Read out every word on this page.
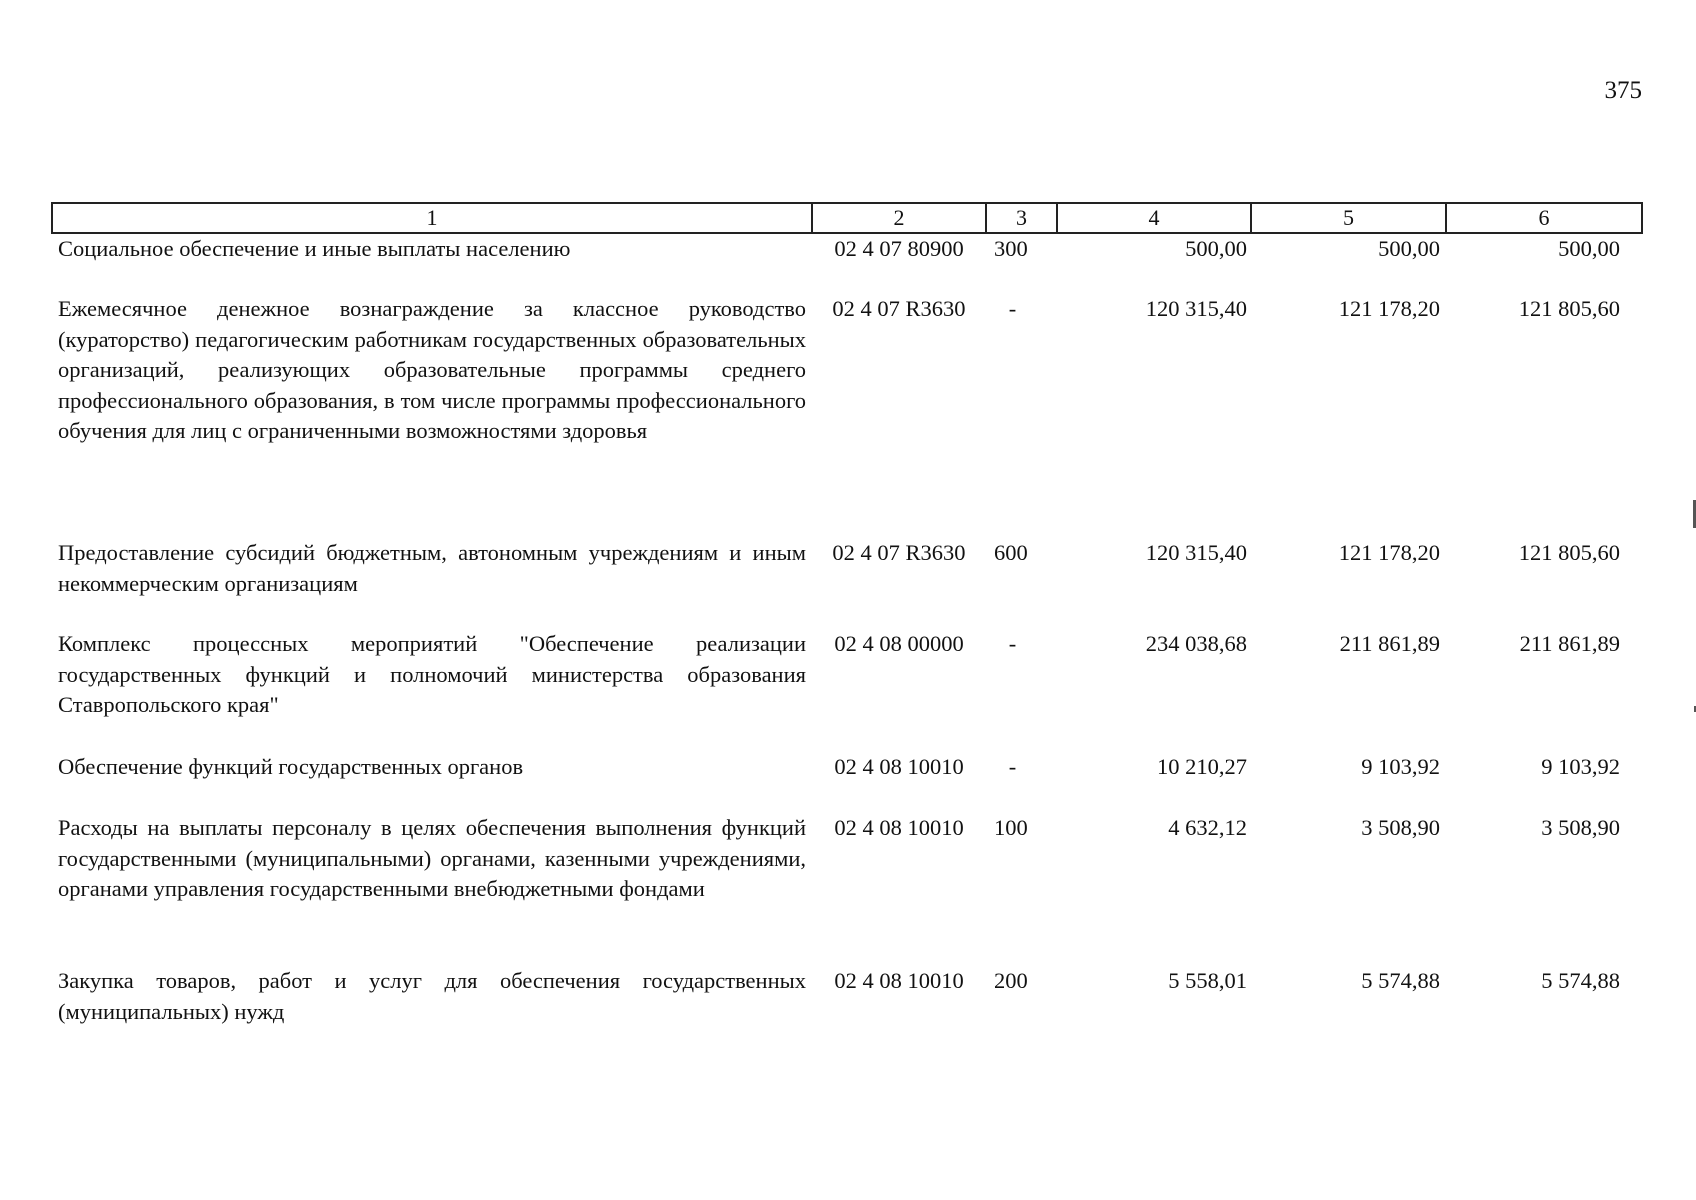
375
1	2	3	4	5	6
Социальное обеспечение и иные выплаты населению	02 4 07 80900	300	500,00	500,00	500,00
Ежемесячное денежное вознаграждение за классное руководство (кураторство) педагогическим работникам государственных образовательных организаций, реализующих образовательные программы среднего профессионального образования, в том числе программы профессионального обучения для лиц с ограниченными возможностями здоровья	02 4 07 R3630	-	120 315,40	121 178,20	121 805,60
Предоставление субсидий бюджетным, автономным учреждениям и иным некоммерческим организациям	02 4 07 R3630	600	120 315,40	121 178,20	121 805,60
Комплекс процессных мероприятий "Обеспечение реализации государственных функций и полномочий министерства образования Ставропольского края"	02 4 08 00000	-	234 038,68	211 861,89	211 861,89
Обеспечение функций государственных органов	02 4 08 10010	-	10 210,27	9 103,92	9 103,92
Расходы на выплаты персоналу в целях обеспечения выполнения функций государственными (муниципальными) органами, казенными учреждениями, органами управления государственными внебюджетными фондами	02 4 08 10010	100	4 632,12	3 508,90	3 508,90
Закупка товаров, работ и услуг для обеспечения государственных (муниципальных) нужд	02 4 08 10010	200	5 558,01	5 574,88	5 574,88
